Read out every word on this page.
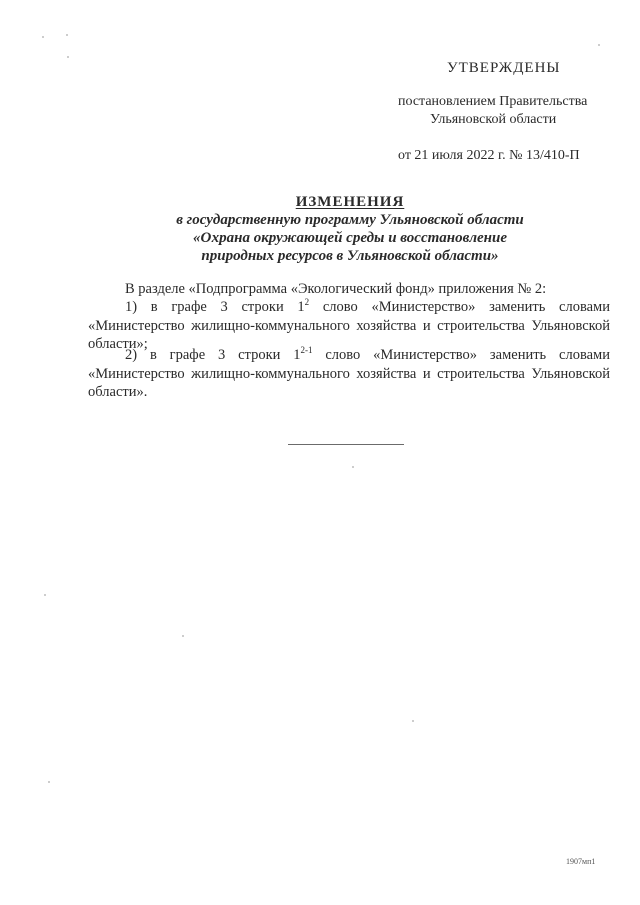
УТВЕРЖДЕНЫ
постановлением Правительства
Ульяновской области
от 21 июля 2022 г. № 13/410-П
ИЗМЕНЕНИЯ
в государственную программу Ульяновской области
«Охрана окружающей среды и восстановление
природных ресурсов в Ульяновской области»
В разделе «Подпрограмма «Экологический фонд» приложения № 2:
1) в графе 3 строки $1^2$ слово «Министерство» заменить словами «Министерство жилищно-коммунального хозяйства и строительства Ульяновской области»;
2) в графе 3 строки 1$^{2-1}$ слово «Министерство» заменить словами «Министерство жилищно-коммунального хозяйства и строительства Ульяновской области».
1907мп1
